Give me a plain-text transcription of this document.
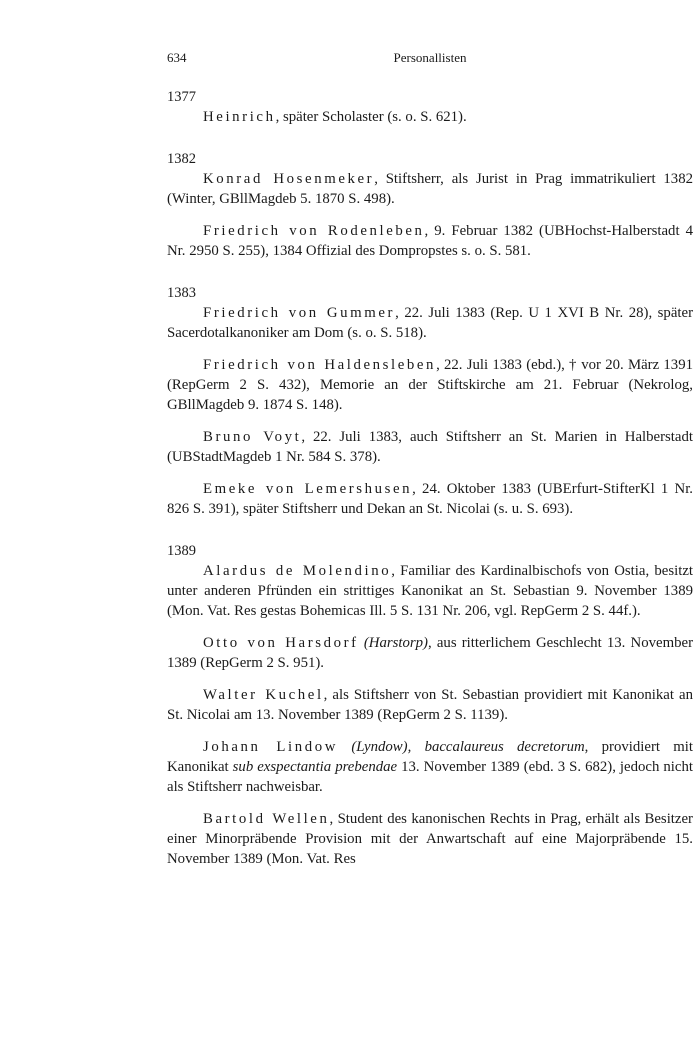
634	Personallisten

1377

Heinrich, später Scholaster (s. o. S. 621).

1382

Konrad Hosenmeker, Stiftsherr, als Jurist in Prag immatrikuliert 1382 (Winter, GBllMagdeb 5. 1870 S. 498).

Friedrich von Rodenleben, 9. Februar 1382 (UBHochst-Halberstadt 4 Nr. 2950 S. 255), 1384 Offizial des Dompropstes s. o. S. 581.

1383

Friedrich von Gummer, 22. Juli 1383 (Rep. U 1 XVI B Nr. 28), später Sacerdotalkanoniker am Dom (s. o. S. 518).

Friedrich von Haldensleben, 22. Juli 1383 (ebd.), † vor 20. März 1391 (RepGerm 2 S. 432), Memorie an der Stiftskirche am 21. Februar (Nekrolog, GBllMagdeb 9. 1874 S. 148).

Bruno Voyt, 22. Juli 1383, auch Stiftsherr an St. Marien in Halberstadt (UBStadtMagdeb 1 Nr. 584 S. 378).

Emeke von Lemershusen, 24. Oktober 1383 (UBErfurt-StifterKl 1 Nr. 826 S. 391), später Stiftsherr und Dekan an St. Nicolai (s. u. S. 693).

1389

Alardus de Molendino, Familiar des Kardinalbischofs von Ostia, besitzt unter anderen Pfründen ein strittiges Kanonikat an St. Sebastian 9. November 1389 (Mon. Vat. Res gestas Bohemicas Ill. 5 S. 131 Nr. 206, vgl. RepGerm 2 S. 44f.).

Otto von Harsdorf (Harstorp), aus ritterlichem Geschlecht 13. November 1389 (RepGerm 2 S. 951).

Walter Kuchel, als Stiftsherr von St. Sebastian providiert mit Kanonikat an St. Nicolai am 13. November 1389 (RepGerm 2 S. 1139).

Johann Lindow (Lyndow), baccalaureus decretorum, providiert mit Kanonikat sub exspectantia prebendae 13. November 1389 (ebd. 3 S. 682), jedoch nicht als Stiftsherr nachweisbar.

Bartold Wellen, Student des kanonischen Rechts in Prag, erhält als Besitzer einer Minorpräbende Provision mit der Anwartschaft auf eine Majorpräbende 15. November 1389 (Mon. Vat. Res
